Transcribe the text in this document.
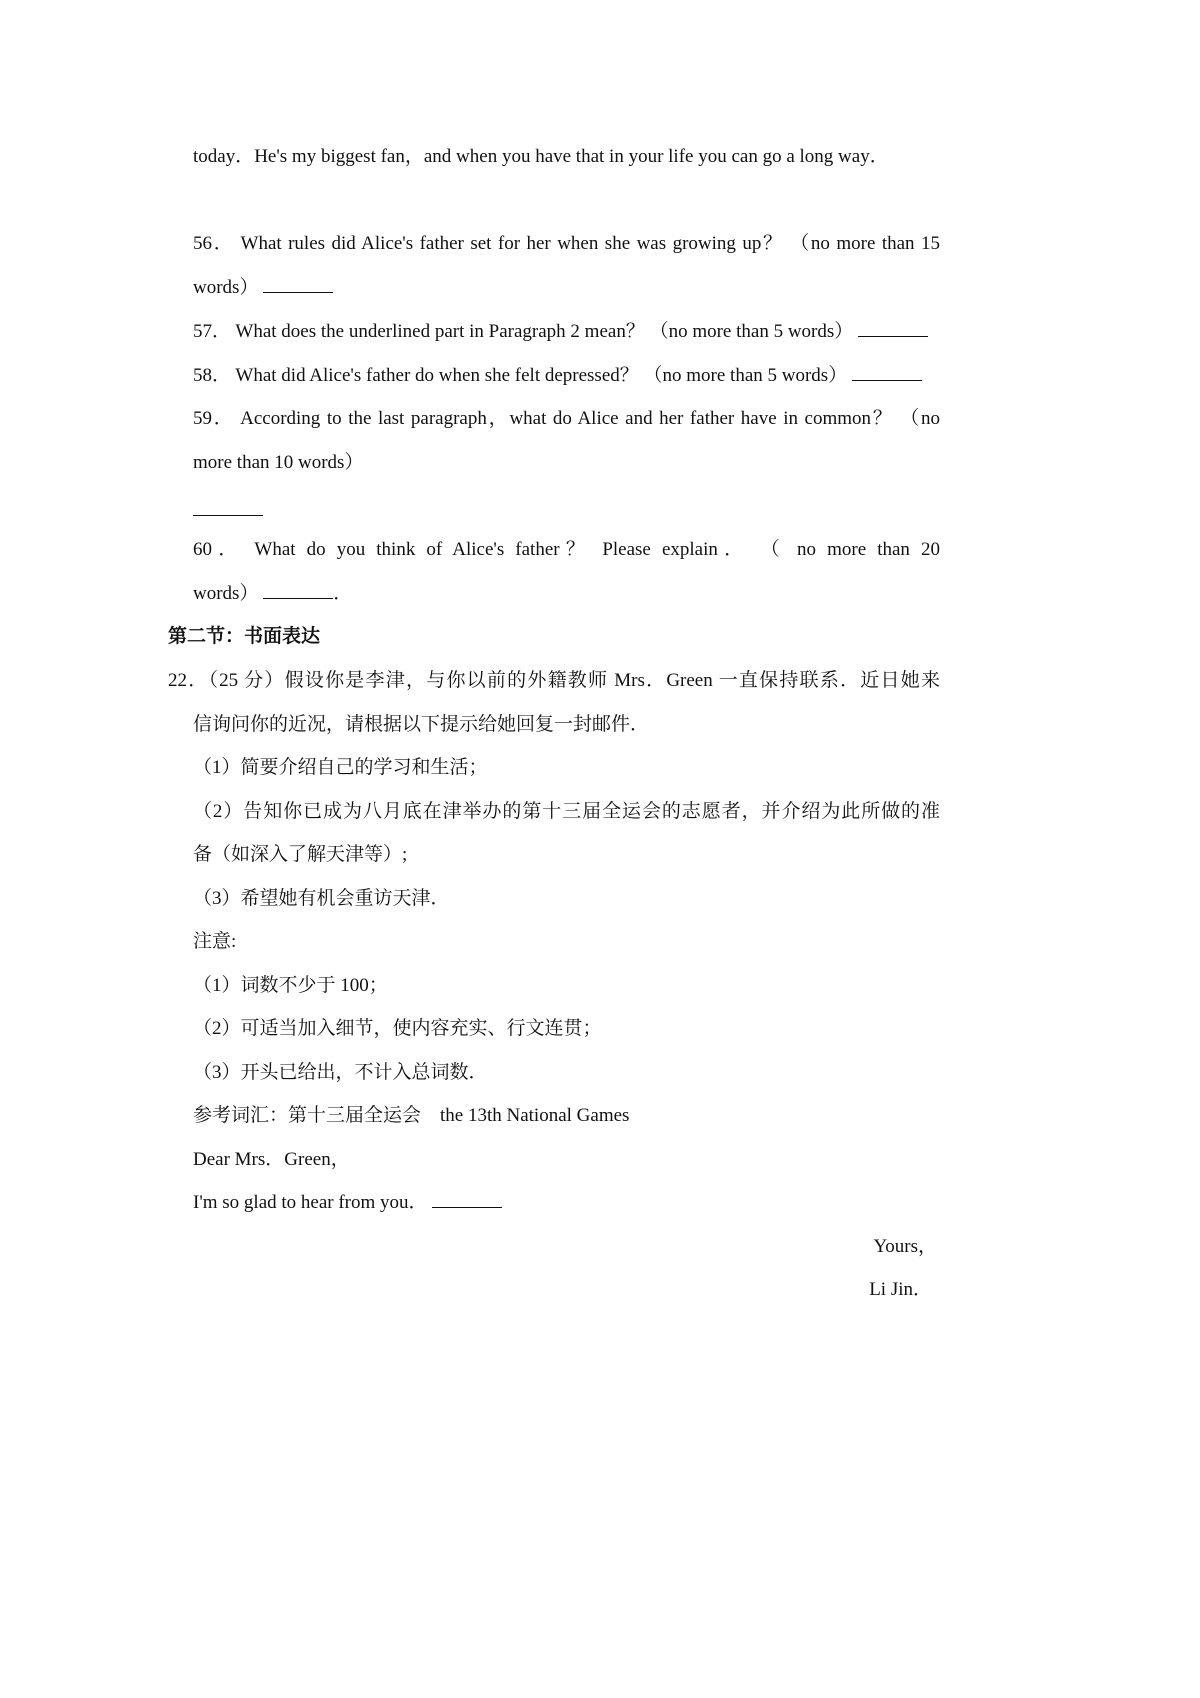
today．He's my biggest fan，and when you have that in your life you can go a long way．
56． What rules did Alice's father set for her when she was growing up？ （no more than 15
words）
57． What does the underlined part in Paragraph 2 mean？ （no more than 5 words）
58． What did Alice's father do when she felt depressed？ （no more than 5 words）
59． According to the last paragraph，what do Alice and her father have in common？ （no
more than 10 words）
60． What do you think of Alice's father？ Please explain． （ no more than 20
words）	．
第二节：书面表达
22．（25 分）假设你是李津，与你以前的外籍教师 Mrs．Green 一直保持联系．近日她来
信询问你的近况，请根据以下提示给她回复一封邮件．
（1）简要介绍自己的学习和生活；
（2）告知你已成为八月底在津举办的第十三届全运会的志愿者，并介绍为此所做的准
备（如深入了解天津等）;
（3）希望她有机会重访天津．
注意:
（1）词数不少于 100；
（2）可适当加入细节，使内容充实、行文连贯；
（3）开头已给出，不计入总词数．
参考词汇：第十三届全运会    the 13th National Games
Dear Mrs．Green，
I'm so glad to hear from you．
Yours，
Li Jin．
